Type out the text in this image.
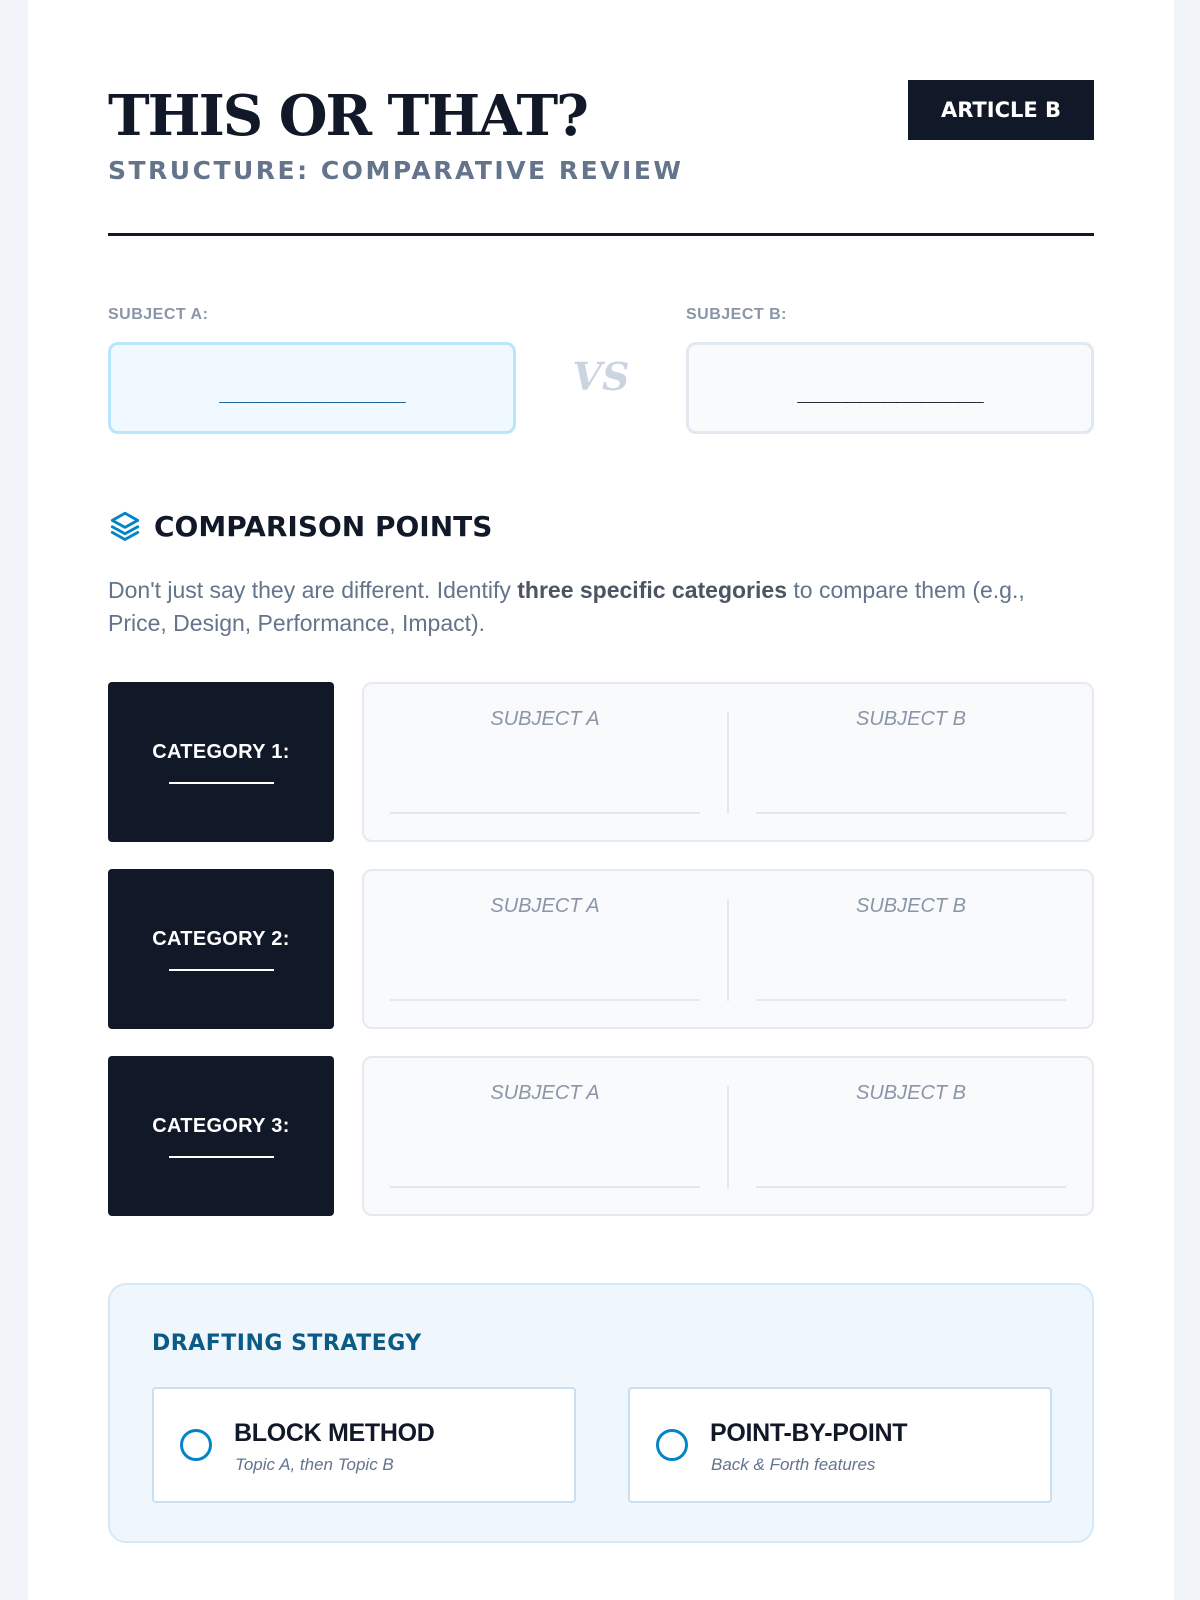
THIS OR THAT?
STRUCTURE: COMPARATIVE REVIEW
ARTICLE B
SUBJECT A:	SUBJECT B:
_______________	VS	_______________
COMPARISON POINTS

Don't just say they are different. Identify three specific categories to compare them (e.g., Price, Design, Performance, Impact).

CATEGORY 1:
SUBJECT A	SUBJECT B
CATEGORY 2:
SUBJECT A	SUBJECT B
CATEGORY 3:
SUBJECT A	SUBJECT B
DRAFTING STRATEGY
BLOCK METHOD
Topic A, then Topic B
POINT-BY-POINT
Back & Forth features
